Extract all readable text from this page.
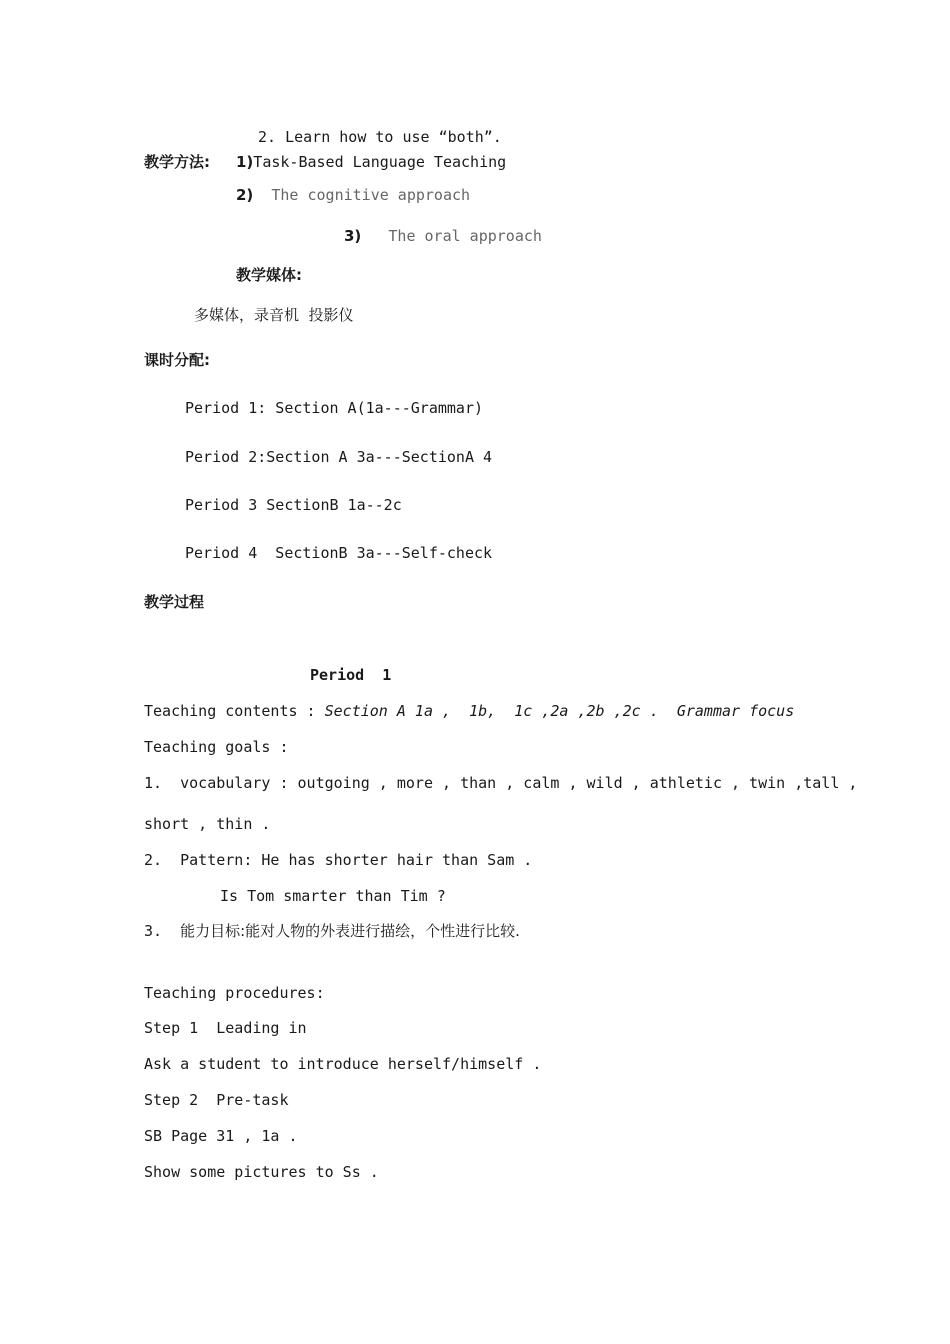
2. Learn how to use “both”.
教学方法: 1)Task-Based Language Teaching
2) The cognitive approach
3) The oral approach
教学媒体:
多媒体，录音机  投影仪
课时分配:
Period 1: Section A(1a---Grammar)
Period 2:Section A 3a---SectionA 4
Period 3 SectionB 1a--2c
Period 4  SectionB 3a---Self-check
教学过程
Period  1
Teaching contents : Section A 1a ,  1b,  1c ,2a ,2b ,2c .  Grammar focus
Teaching goals :
1.  vocabulary : outgoing , more , than , calm , wild , athletic , twin ,tall ,
short , thin .
2.  Pattern: He has shorter hair than Sam .
Is Tom smarter than Tim ?
3.  能力目标:能对人物的外表进行描绘，个性进行比较.
Teaching procedures:
Step 1  Leading in
Ask a student to introduce herself/himself .
Step 2  Pre-task
SB Page 31 , 1a .
Show some pictures to Ss .
